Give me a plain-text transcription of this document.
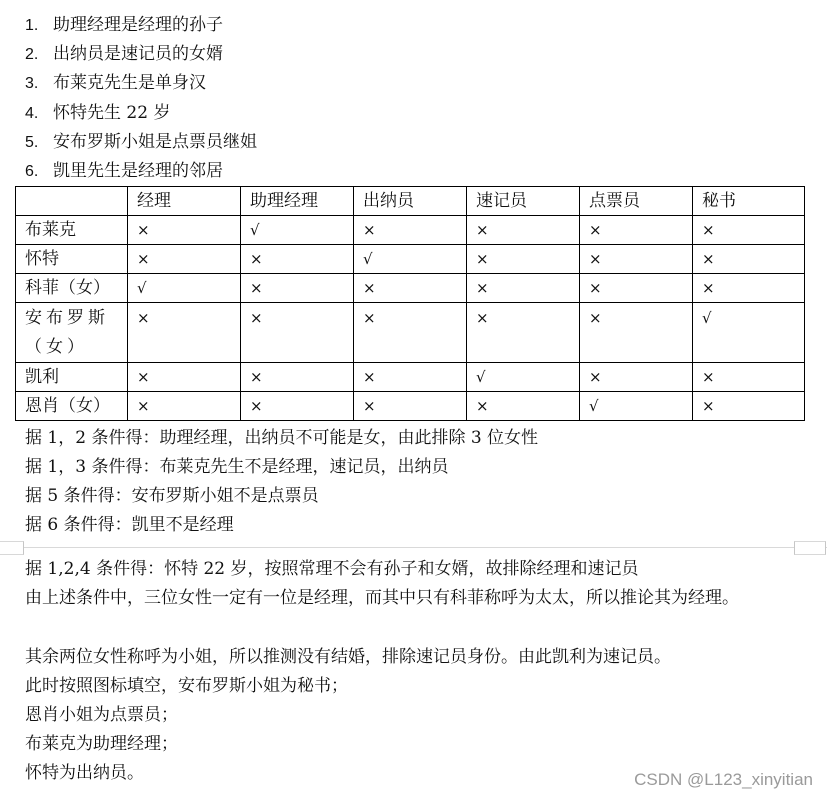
1. 助理经理是经理的孙子
2. 出纳员是速记员的女婿
3. 布莱克先生是单身汉
4. 怀特先生 22 岁
5. 安布罗斯小姐是点票员继姐
6. 凯里先生是经理的邻居
	经理	助理经理	出纳员	速记员	点票员	秘书
布莱克	×	√	×	×	×	×
怀特	×	×	√	×	×	×
科菲（女）	√	×	×	×	×	×
安布罗斯（女）	×	×	×	×	×	√
凯利	×	×	×	√	×	×
恩肖（女）	×	×	×	×	√	×

据 1，2 条件得：助理经理，出纳员不可能是女，由此排除 3 位女性

据 1，3 条件得：布莱克先生不是经理，速记员，出纳员

据 5 条件得：安布罗斯小姐不是点票员

据 6 条件得：凯里不是经理

据 1,2,4 条件得：怀特 22 岁，按照常理不会有孙子和女婿，故排除经理和速记员

由上述条件中，三位女性一定有一位是经理，而其中只有科菲称呼为太太，所以推论其为经理。

其余两位女性称呼为小姐，所以推测没有结婚，排除速记员身份。由此凯利为速记员。

此时按照图标填空，安布罗斯小姐为秘书；

恩肖小姐为点票员；

布莱克为助理经理；

怀特为出纳员。	CSDN @L123_xinyitian
